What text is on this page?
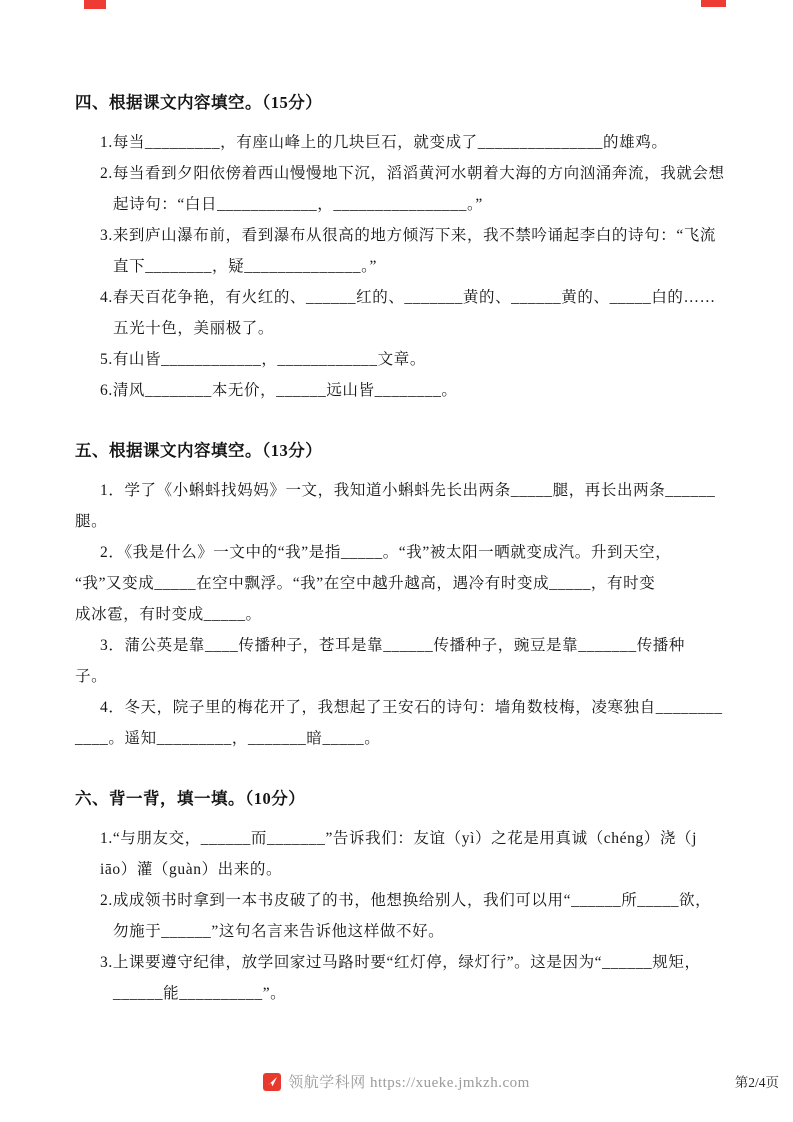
四、根据课文内容填空。（15分）
1.每当_________，有座山峰上的几块巨石，就变成了_______________的雄鸡。
2.每当看到夕阳依傍着西山慢慢地下沉，滔滔黄河水朝着大海的方向汹涌奔流，我就会想
起诗句：“白日____________，________________。”
3.来到庐山瀑布前，看到瀑布从很高的地方倾泻下来，我不禁吟诵起李白的诗句：“飞流
直下________，疑______________。”
4.春天百花争艳，有火红的、______红的、_______黄的、______黄的、_____白的……
五光十色，美丽极了。
5.有山皆____________，____________文章。
6.清风________本无价，______远山皆________。
五、根据课文内容填空。（13分）
1．学了《小蝌蚪找妈妈》一文，我知道小蝌蚪先长出两条_____腿，再长出两条______
腿。
2．《我是什么》一文中的“我”是指_____。“我”被太阳一晒就变成汽。升到天空，
“我”又变成_____在空中飘浮。“我”在空中越升越高，遇冷有时变成_____，有时变
成冰雹，有时变成_____。
3．蒲公英是靠____传播种子，苍耳是靠______传播种子，豌豆是靠_______传播种
子。
4．冬天，院子里的梅花开了，我想起了王安石的诗句：墙角数枝梅，凌寒独自________
____。遥知_________，_______暗_____。
六、背一背，填一填。（10分）
1.“与朋友交，______而_______”告诉我们：友谊（yì）之花是用真诚（chéng）浇（j
iāo）灌（guàn）出来的。
2.成成领书时拿到一本书皮破了的书，他想换给别人，我们可以用“______所_____欲，
勿施于______”这句名言来告诉他这样做不好。
3.上课要遵守纪律，放学回家过马路时要“红灯停，绿灯行”。这是因为“______规矩，
______能__________”。
领航学科网 https://xueke.jmkzh.com	第2/4页
